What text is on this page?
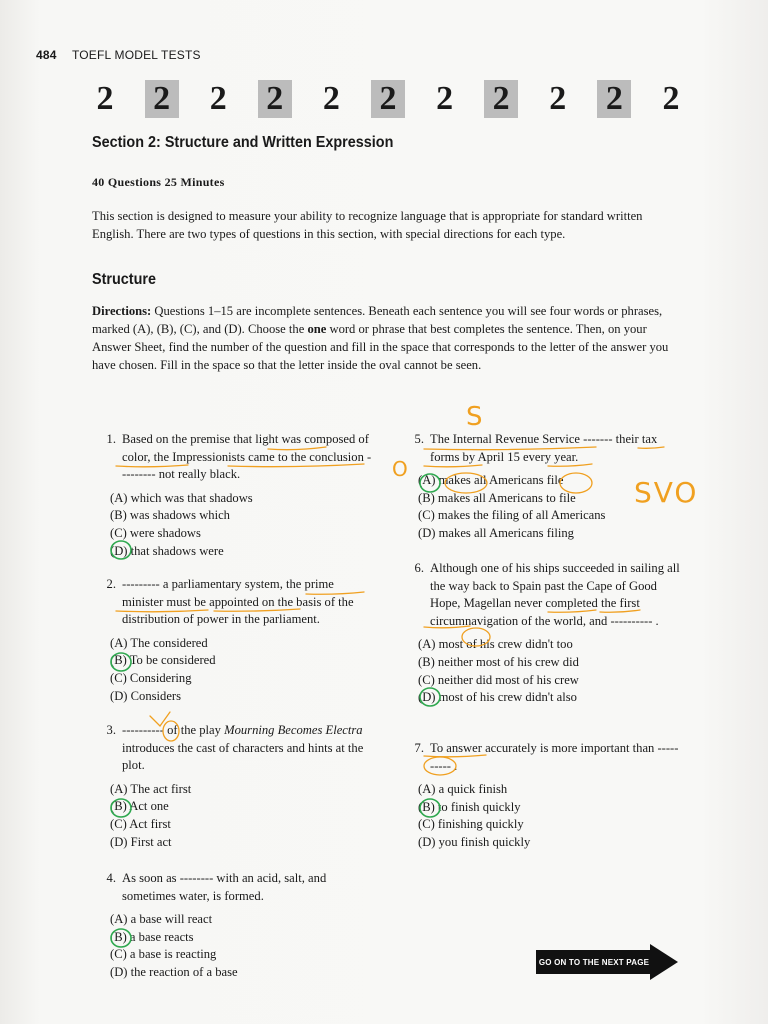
484 TOEFL MODEL TESTS
2 2 2 2 2 2 2 2 2 2 2
Section 2: Structure and Written Expression
40 Questions 25 Minutes
This section is designed to measure your ability to recognize language that is appropriate for standard written English. There are two types of questions in this section, with special directions for each type.
Structure
Directions: Questions 1–15 are incomplete sentences. Beneath each sentence you will see four words or phrases, marked (A), (B), (C), and (D). Choose the one word or phrase that best completes the sentence. Then, on your Answer Sheet, find the number of the question and fill in the space that corresponds to the letter of the answer you have chosen. Fill in the space so that the letter inside the oval cannot be seen.
1. Based on the premise that light was composed of color, the Impressionists came to the conclusion --------- not really black.
(A) which was that shadows
(B) was shadows which
(C) were shadows
(D) that shadows were
2. --------- a parliamentary system, the prime minister must be appointed on the basis of the distribution of power in the parliament.
(A) The considered
(B) To be considered
(C) Considering
(D) Considers
3. ---------- of the play Mourning Becomes Electra introduces the cast of characters and hints at the plot.
(A) The act first
(B) Act one
(C) Act first
(D) First act
4. As soon as -------- with an acid, salt, and sometimes water, is formed.
(A) a base will react
(B) a base reacts
(C) a base is reacting
(D) the reaction of a base
5. The Internal Revenue Service ------- their tax forms by April 15 every year.
(A) makes all Americans file
(B) makes all Americans to file
(C) makes the filing of all Americans
(D) makes all Americans filing
6. Although one of his ships succeeded in sailing all the way back to Spain past the Cape of Good Hope, Magellan never completed the first circumnavigation of the world, and ---------- .
(A) most of his crew didn't too
(B) neither most of his crew did
(C) neither did most of his crew
(D) most of his crew didn't also
7. To answer accurately is more important than ---------- .
(A) a quick finish
(B) to finish quickly
(C) finishing quickly
(D) you finish quickly
S
O
SVO
GO ON TO THE NEXT PAGE
